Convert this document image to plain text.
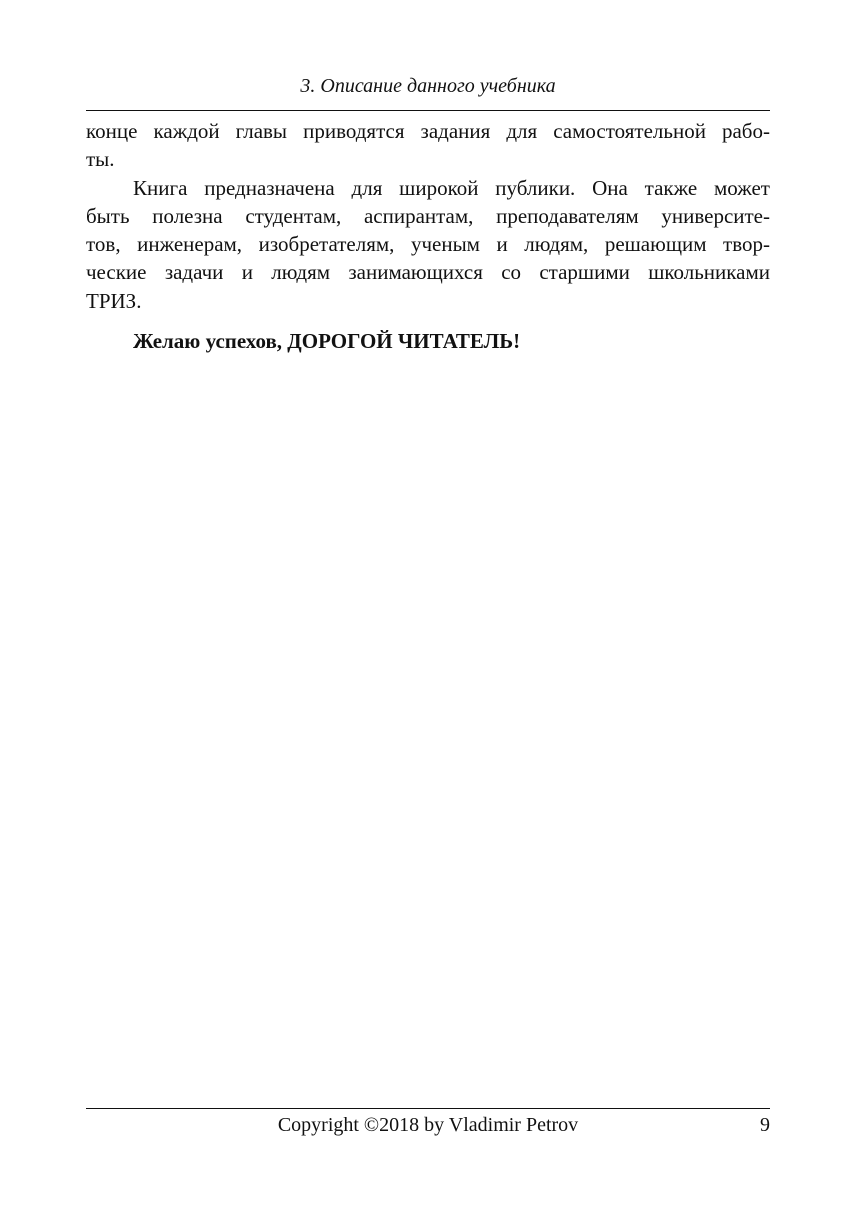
3. Описание данного учебника
конце каждой главы приводятся задания для самостоятельной рабо-
ты.
Книга предназначена для широкой публики. Она также может
быть полезна студентам, аспирантам, преподавателям университе-
тов, инженерам, изобретателям, ученым и людям, решающим твор-
ческие задачи и людям занимающихся со старшими школьниками
ТРИЗ.
Желаю успехов, ДОРОГОЙ ЧИТАТЕЛЬ!
Copyright ©2018 by Vladimir Petrov	9
